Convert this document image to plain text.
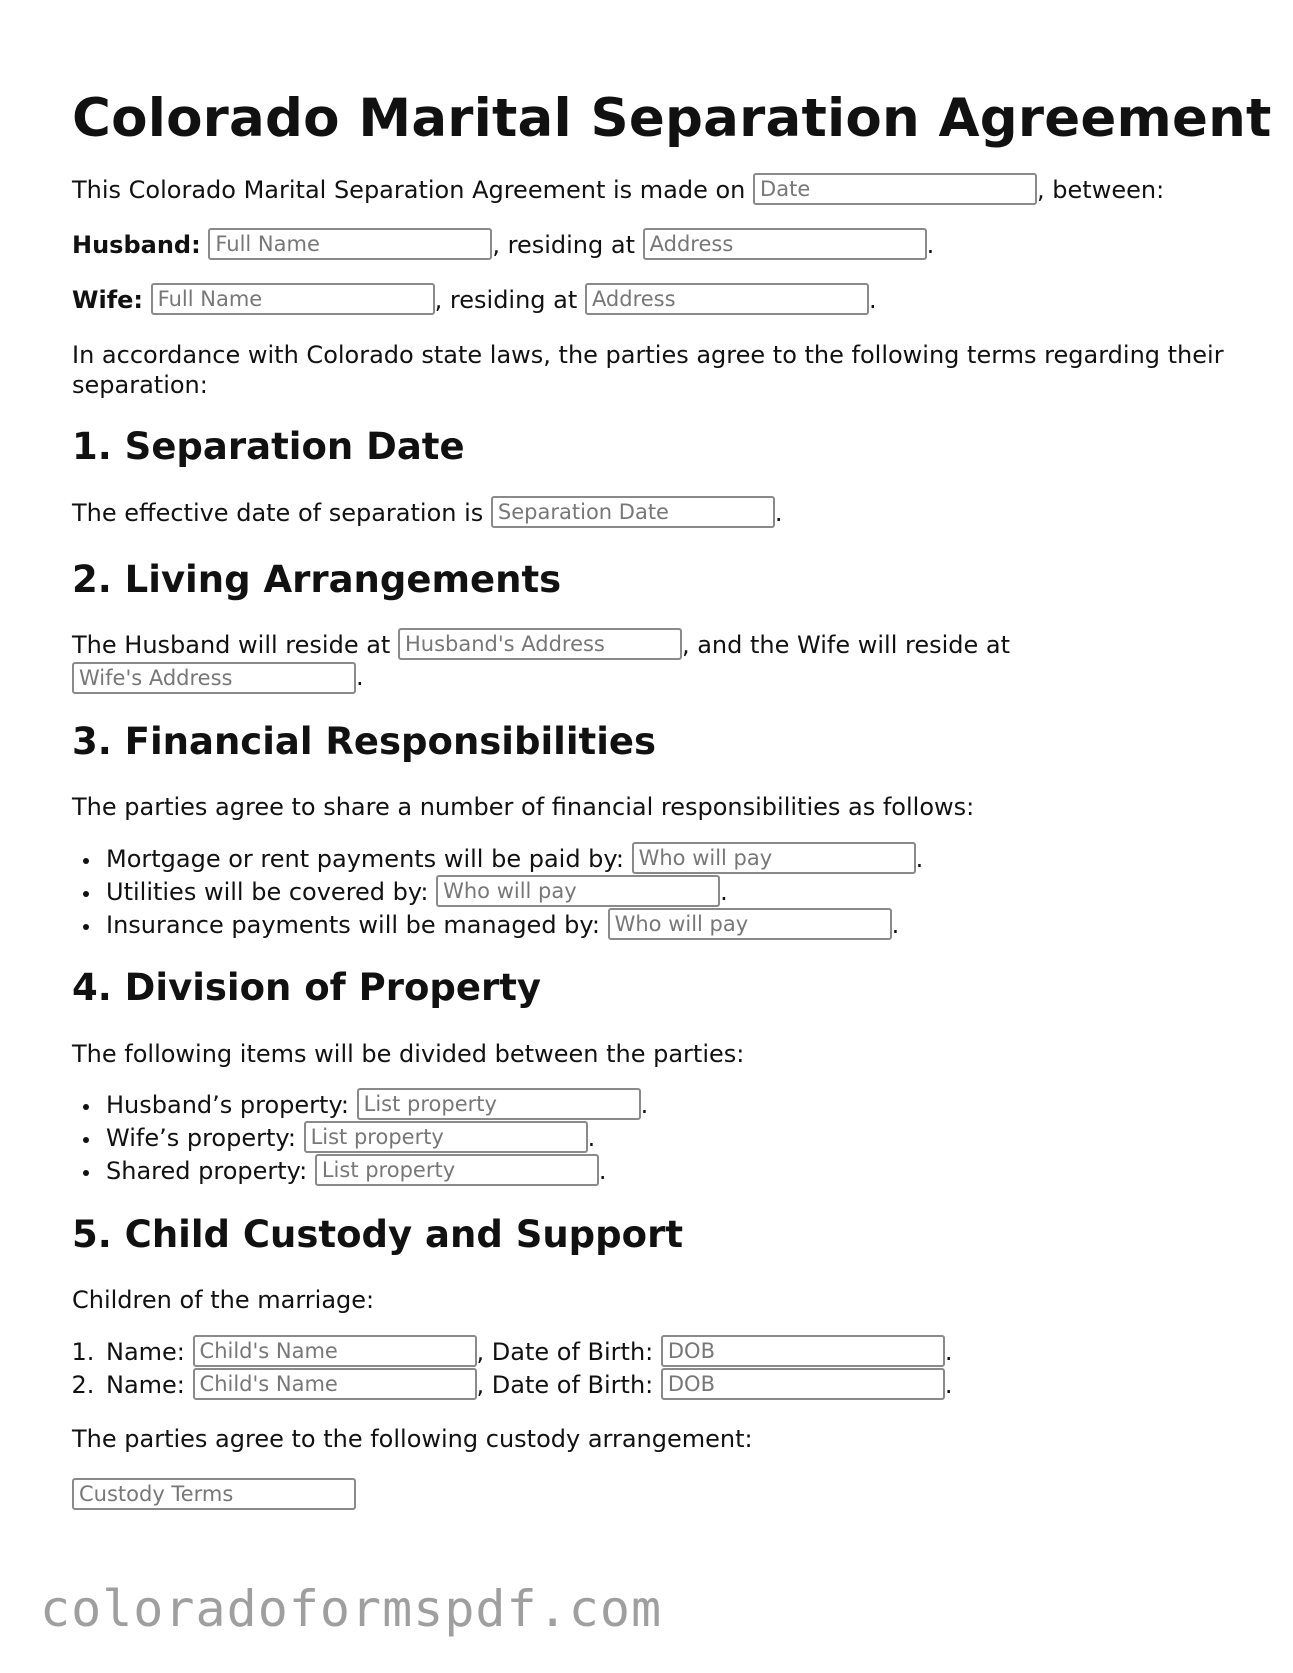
Colorado Marital Separation Agreement
This Colorado Marital Separation Agreement is made on Date	, between:
Husband: Full Name	, residing at Address	.
Wife: Full Name	, residing at Address	.
In accordance with Colorado state laws, the parties agree to the following terms regarding their separation:
1. Separation Date
The effective date of separation is Separation Date	.
2. Living Arrangements
The Husband will reside at Husband's Address	, and the Wife will reside at
Wife's Address.
3. Financial Responsibilities
The parties agree to share a number of financial responsibilities as follows:
• Mortgage or rent payments will be paid by: Who will pay	.
• Utilities will be covered by: Who will pay	.
• Insurance payments will be managed by: Who will pay	.
4. Division of Property
The following items will be divided between the parties:
• Husband’s property: List property	.
• Wife’s property: List property	.
• Shared property: List property	.
5. Child Custody and Support
Children of the marriage:
1. Name: Child's Name	, Date of Birth: DOB	.
2. Name: Child's Name	, Date of Birth: DOB	.
The parties agree to the following custody arrangement:
Custody Terms
coloradoformspdf.com
